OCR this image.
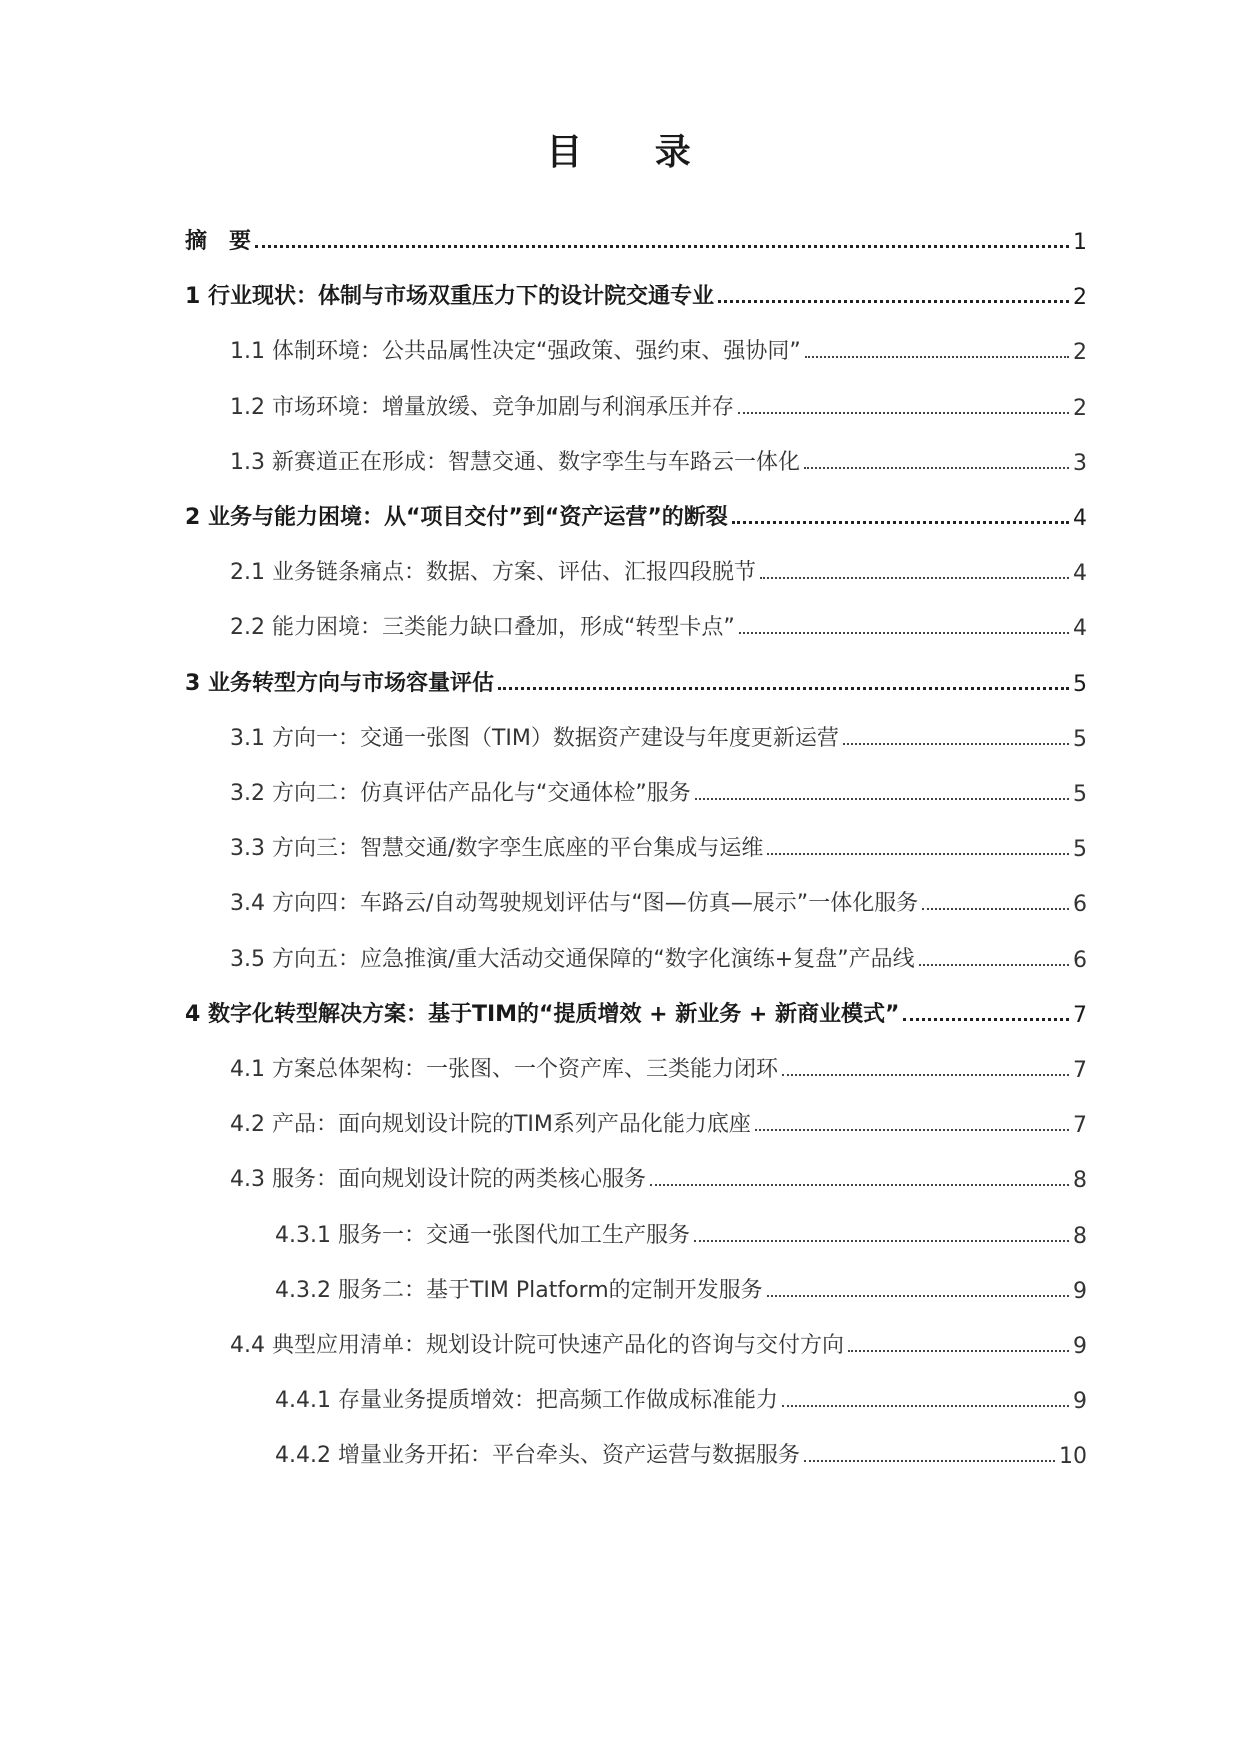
目 录
摘　要	1
1 行业现状：体制与市场双重压力下的设计院交通专业	2
1.1 体制环境：公共品属性决定“强政策、强约束、强协同”	2
1.2 市场环境：增量放缓、竞争加剧与利润承压并存	2
1.3 新赛道正在形成：智慧交通、数字孪生与车路云一体化	3
2 业务与能力困境：从“项目交付”到“资产运营”的断裂	4
2.1 业务链条痛点：数据、方案、评估、汇报四段脱节	4
2.2 能力困境：三类能力缺口叠加，形成“转型卡点”	4
3 业务转型方向与市场容量评估	5
3.1 方向一：交通一张图（TIM）数据资产建设与年度更新运营	5
3.2 方向二：仿真评估产品化与“交通体检”服务	5
3.3 方向三：智慧交通/数字孪生底座的平台集成与运维	5
3.4 方向四：车路云/自动驾驶规划评估与“图—仿真—展示”一体化服务	6
3.5 方向五：应急推演/重大活动交通保障的“数字化演练+复盘”产品线	6
4 数字化转型解决方案：基于TIM的“提质增效 + 新业务 + 新商业模式”	7
4.1 方案总体架构：一张图、一个资产库、三类能力闭环	7
4.2 产品：面向规划设计院的TIM系列产品化能力底座	7
4.3 服务：面向规划设计院的两类核心服务	8
4.3.1 服务一：交通一张图代加工生产服务	8
4.3.2 服务二：基于TIM Platform的定制开发服务	9
4.4 典型应用清单：规划设计院可快速产品化的咨询与交付方向	9
4.4.1 存量业务提质增效：把高频工作做成标准能力	9
4.4.2 增量业务开拓：平台牵头、资产运营与数据服务	10
